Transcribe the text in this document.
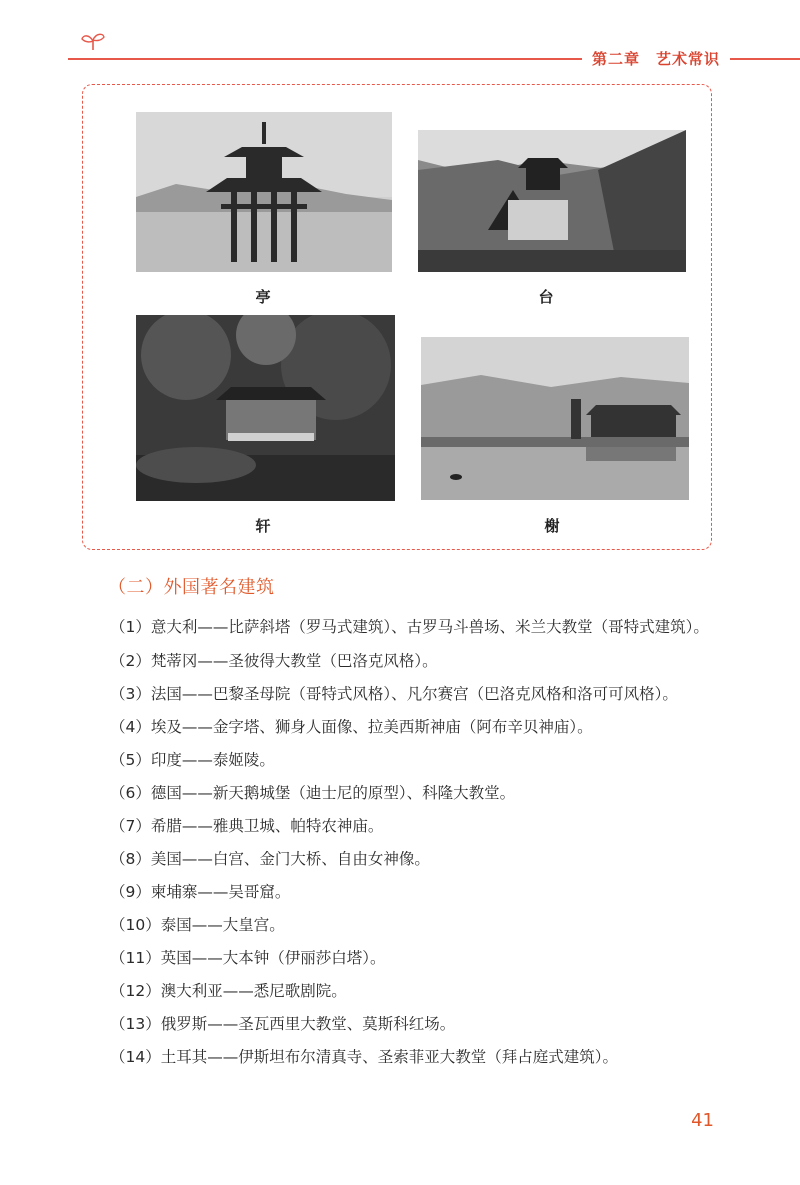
第二章　艺术常识
亭	台
轩	榭
（二）外国著名建筑

（1）意大利——比萨斜塔（罗马式建筑）、古罗马斗兽场、米兰大教堂（哥特式建筑）。

（2）梵蒂冈——圣彼得大教堂（巴洛克风格）。

（3）法国——巴黎圣母院（哥特式风格）、凡尔赛宫（巴洛克风格和洛可可风格）。

（4）埃及——金字塔、狮身人面像、拉美西斯神庙（阿布辛贝神庙）。

（5）印度——泰姬陵。

（6）德国——新天鹅城堡（迪士尼的原型）、科隆大教堂。

（7）希腊——雅典卫城、帕特农神庙。

（8）美国——白宫、金门大桥、自由女神像。

（9）柬埔寨——吴哥窟。

（10）泰国——大皇宫。

（11）英国——大本钟（伊丽莎白塔）。

（12）澳大利亚——悉尼歌剧院。

（13）俄罗斯——圣瓦西里大教堂、莫斯科红场。

（14）土耳其——伊斯坦布尔清真寺、圣索菲亚大教堂（拜占庭式建筑）。

41
